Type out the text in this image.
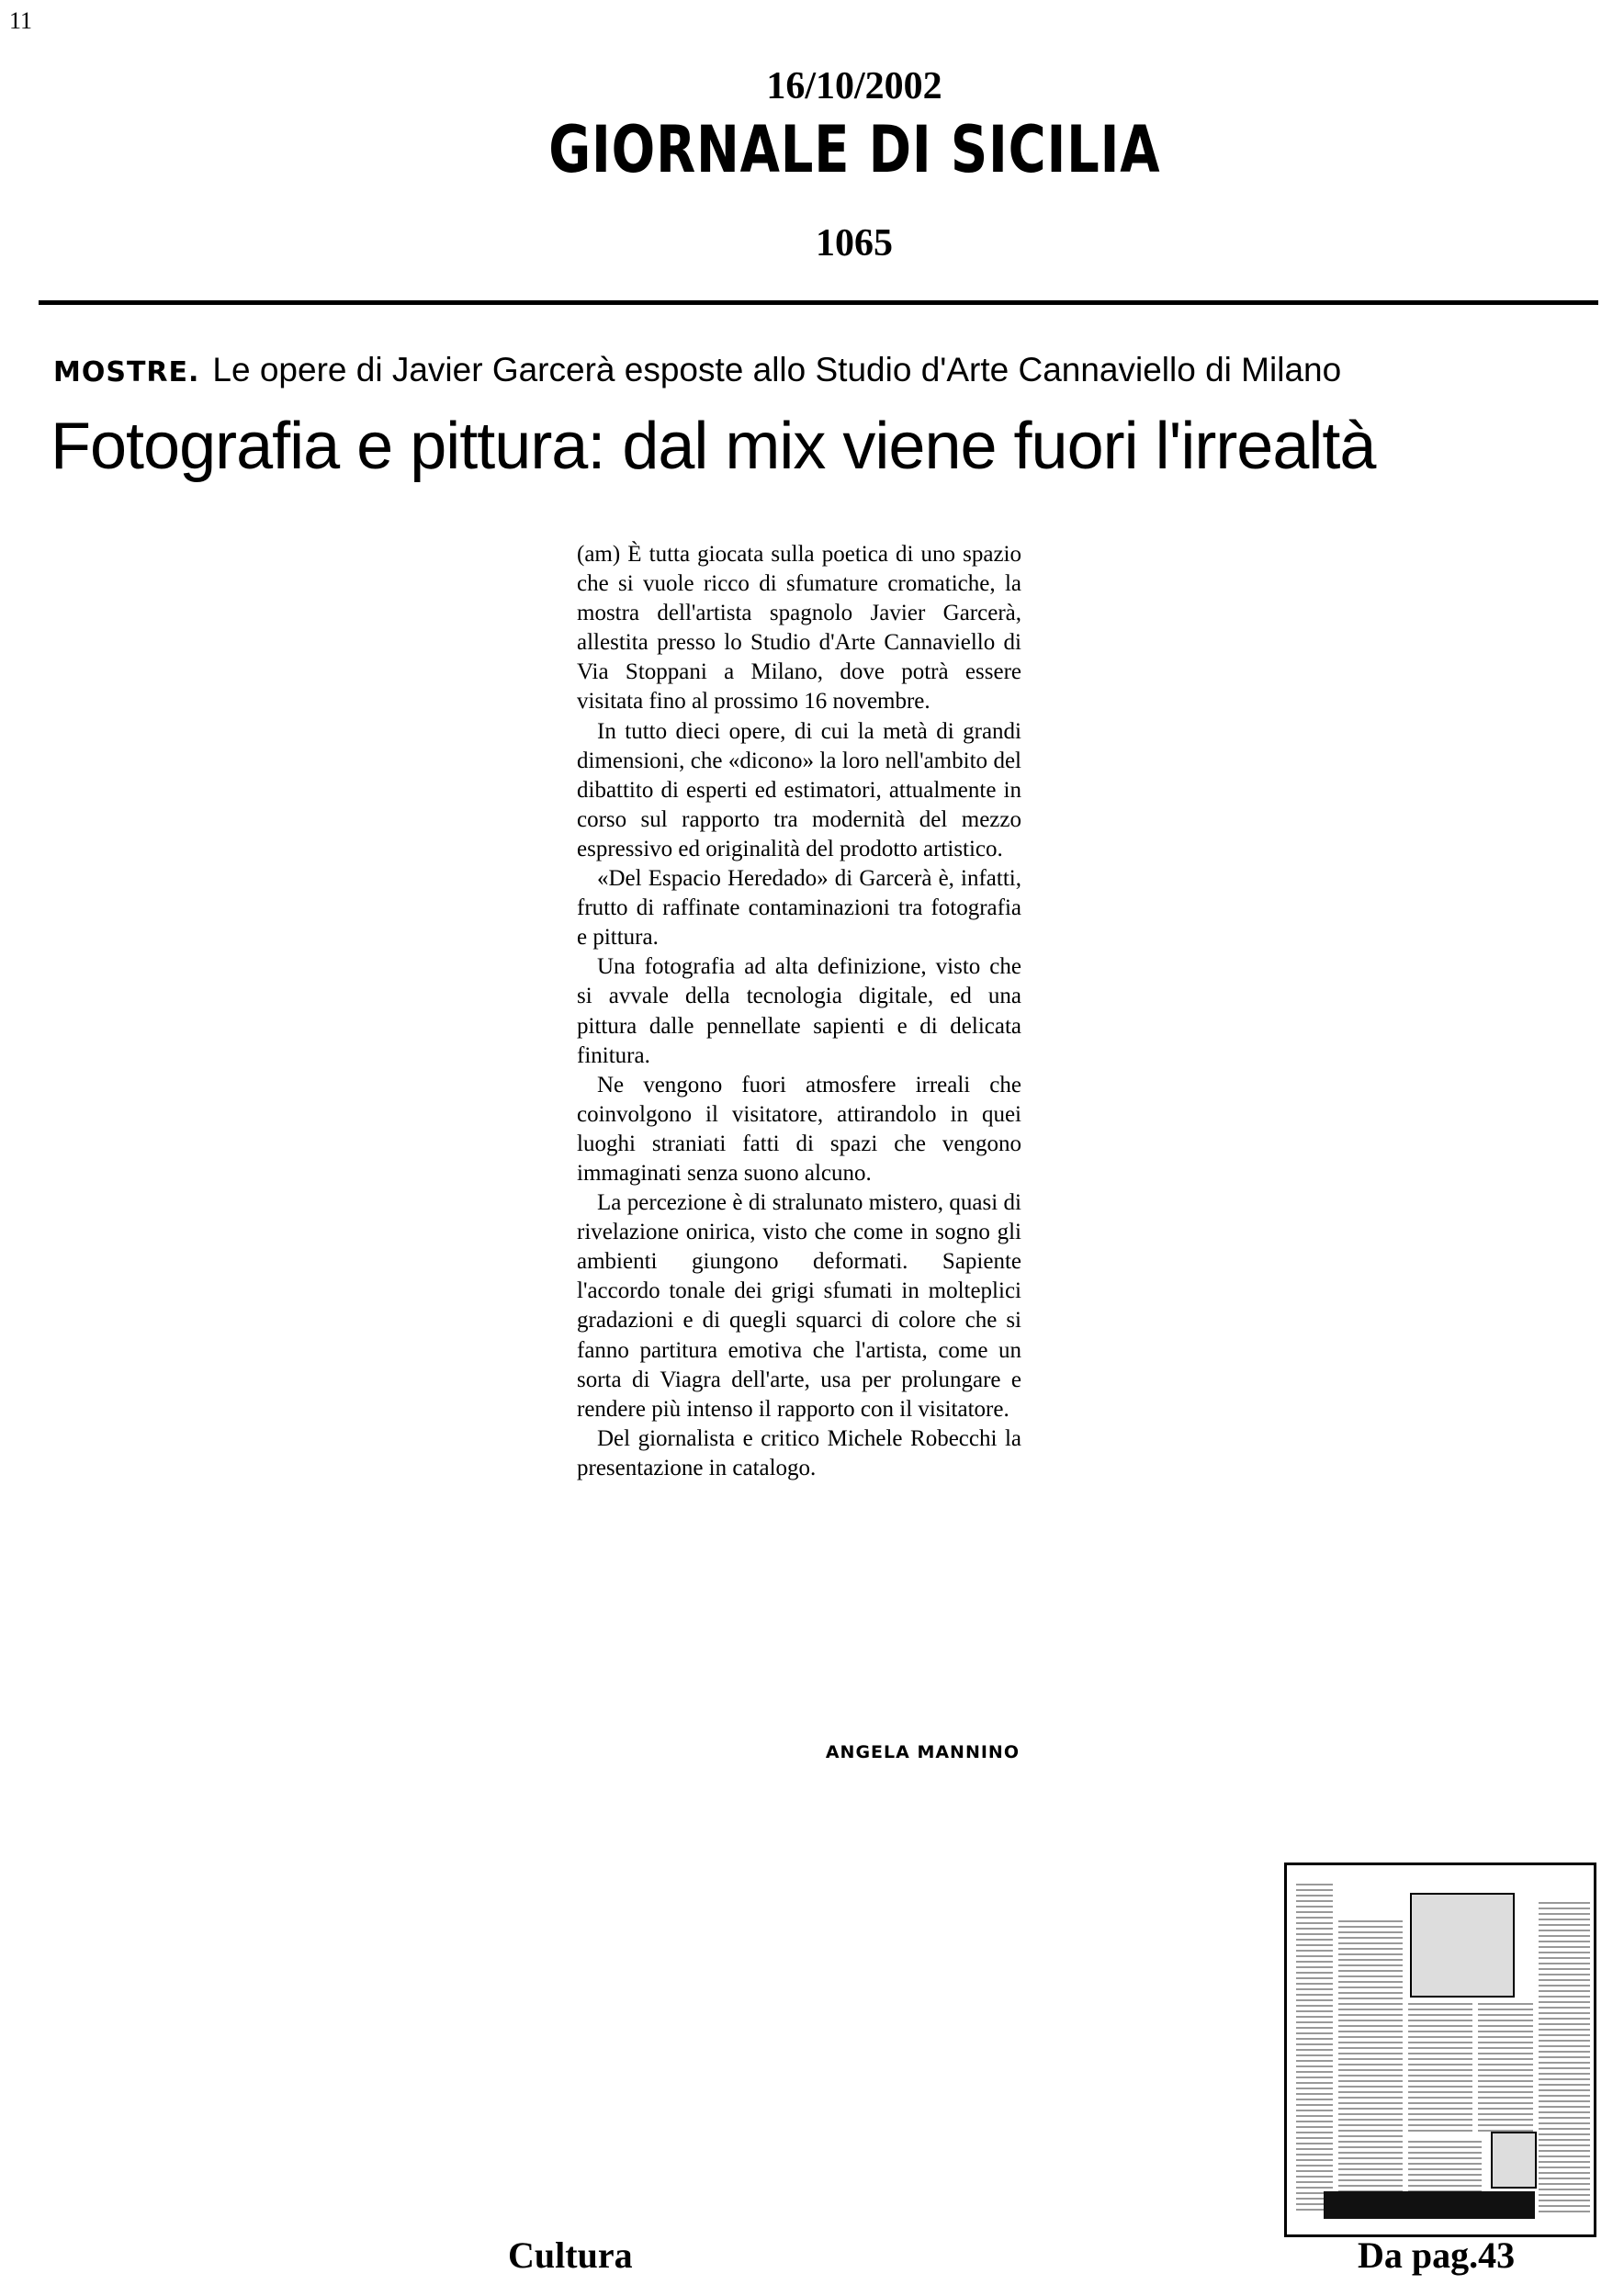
11
16/10/2002
GIORNALE DI SICILIA
1065
MOSTRE. Le opere di Javier Garcerà esposte allo Studio d'Arte Cannaviello di Milano
Fotografia e pittura: dal mix viene fuori l'irrealtà

(am) È tutta giocata sulla poetica di uno spazio che si vuole ricco di sfumature cromatiche, la mostra dell'artista spagnolo Javier Garcerà, allestita presso lo Studio d'Arte Cannaviello di Via Stoppani a Milano, dove potrà essere visitata fino al prossimo 16 novembre.

In tutto dieci opere, di cui la metà di grandi dimensioni, che «dicono» la loro nell'ambito del dibattito di esperti ed estimatori, attualmente in corso sul rapporto tra modernità del mezzo espressivo ed originalità del prodotto artistico.

«Del Espacio Heredado» di Garcerà è, infatti, frutto di raffinate contaminazioni tra fotografia e pittura.

Una fotografia ad alta definizione, visto che si avvale della tecnologia digitale, ed una pittura dalle pennellate sapienti e di delicata finitura.

Ne vengono fuori atmosfere irreali che coinvolgono il visitatore, attirandolo in quei luoghi straniati fatti di spazi che vengono immaginati senza suono alcuno.

La percezione è di stralunato mistero, quasi di rivelazione onirica, visto che come in sogno gli ambienti giungono deformati. Sapiente l'accordo tonale dei grigi sfumati in molteplici gradazioni e di quegli squarci di colore che si fanno partitura emotiva che l'artista, come un sorta di Viagra dell'arte, usa per prolungare e rendere più intenso il rapporto con il visitatore.

Del giornalista e critico Michele Robecchi la presentazione in catalogo.

ANGELA MANNINO
Cultura	Da pag.43
